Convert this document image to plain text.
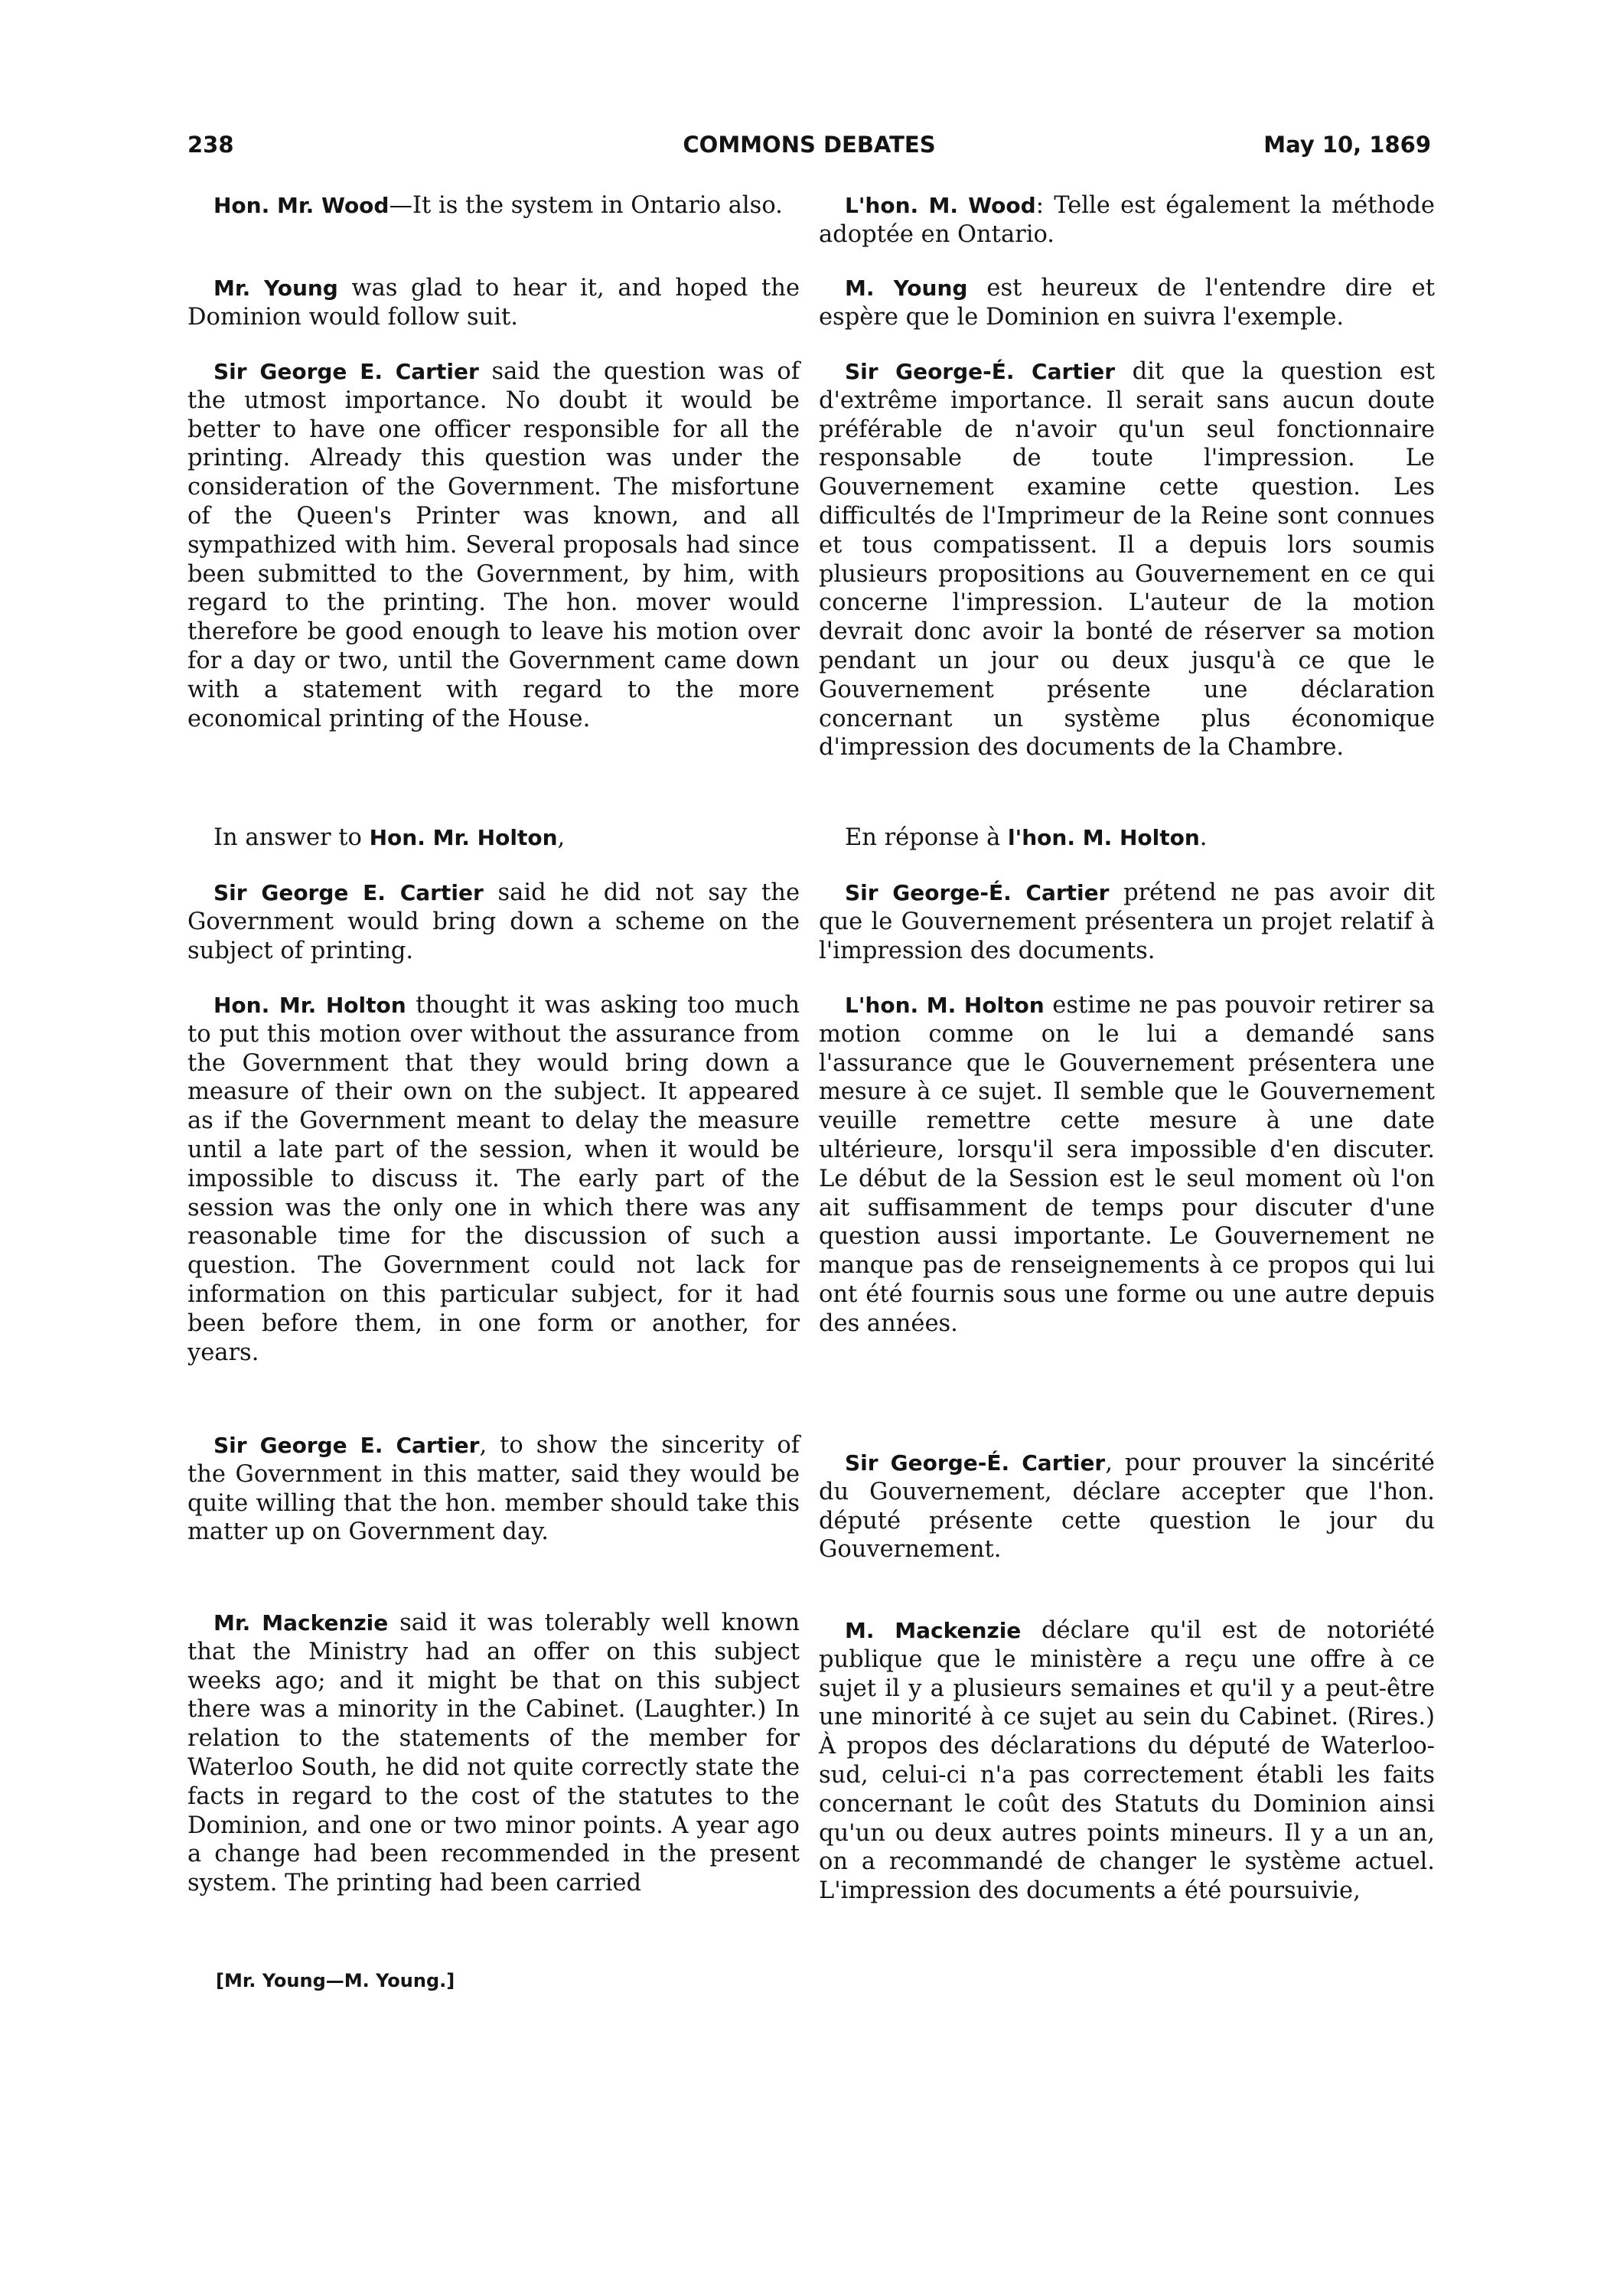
238	COMMONS DEBATES	May 10, 1869

Hon. Mr. Wood—It is the system in Ontario also.

Mr. Young was glad to hear it, and hoped the Dominion would follow suit.

Sir George E. Cartier said the question was of the utmost importance. No doubt it would be better to have one officer responsible for all the printing. Already this question was under the consideration of the Government. The misfortune of the Queen's Printer was known, and all sympathized with him. Several proposals had since been submitted to the Government, by him, with regard to the printing. The hon. mover would therefore be good enough to leave his motion over for a day or two, until the Government came down with a statement with regard to the more economical printing of the House.

In answer to Hon. Mr. Holton,

Sir George E. Cartier said he did not say the Government would bring down a scheme on the subject of printing.

Hon. Mr. Holton thought it was asking too much to put this motion over without the assurance from the Government that they would bring down a measure of their own on the subject. It appeared as if the Government meant to delay the measure until a late part of the session, when it would be impossible to discuss it. The early part of the session was the only one in which there was any reasonable time for the discussion of such a question. The Government could not lack for information on this particular subject, for it had been before them, in one form or another, for years.

Sir George E. Cartier, to show the sincerity of the Government in this matter, said they would be quite willing that the hon. member should take this matter up on Government day.

Mr. Mackenzie said it was tolerably well known that the Ministry had an offer on this subject weeks ago; and it might be that on this subject there was a minority in the Cabinet. (Laughter.) In relation to the statements of the member for Waterloo South, he did not quite correctly state the facts in regard to the cost of the statutes to the Dominion, and one or two minor points. A year ago a change had been recommended in the present system. The printing had been carried

L'hon. M. Wood: Telle est également la méthode adoptée en Ontario.

M. Young est heureux de l'entendre dire et espère que le Dominion en suivra l'exemple.

Sir George-É. Cartier dit que la question est d'extrême importance. Il serait sans aucun doute préférable de n'avoir qu'un seul fonctionnaire responsable de toute l'impression. Le Gouvernement examine cette question. Les difficultés de l'Imprimeur de la Reine sont connues et tous compatissent. Il a depuis lors soumis plusieurs propositions au Gouvernement en ce qui concerne l'impression. L'auteur de la motion devrait donc avoir la bonté de réserver sa motion pendant un jour ou deux jusqu'à ce que le Gouvernement présente une déclaration concernant un système plus économique d'impression des documents de la Chambre.

En réponse à l'hon. M. Holton.

Sir George-É. Cartier prétend ne pas avoir dit que le Gouvernement présentera un projet relatif à l'impression des documents.

L'hon. M. Holton estime ne pas pouvoir retirer sa motion comme on le lui a demandé sans l'assurance que le Gouvernement présentera une mesure à ce sujet. Il semble que le Gouvernement veuille remettre cette mesure à une date ultérieure, lorsqu'il sera impossible d'en discuter. Le début de la Session est le seul moment où l'on ait suffisamment de temps pour discuter d'une question aussi importante. Le Gouvernement ne manque pas de renseignements à ce propos qui lui ont été fournis sous une forme ou une autre depuis des années.

Sir George-É. Cartier, pour prouver la sincérité du Gouvernement, déclare accepter que l'hon. député présente cette question le jour du Gouvernement.

M. Mackenzie déclare qu'il est de notoriété publique que le ministère a reçu une offre à ce sujet il y a plusieurs semaines et qu'il y a peut-être une minorité à ce sujet au sein du Cabinet. (Rires.) À propos des déclarations du député de Waterloo-sud, celui-ci n'a pas correctement établi les faits concernant le coût des Statuts du Dominion ainsi qu'un ou deux autres points mineurs. Il y a un an, on a recommandé de changer le système actuel. L'impression des documents a été poursuivie,

[Mr. Young—M. Young.]
